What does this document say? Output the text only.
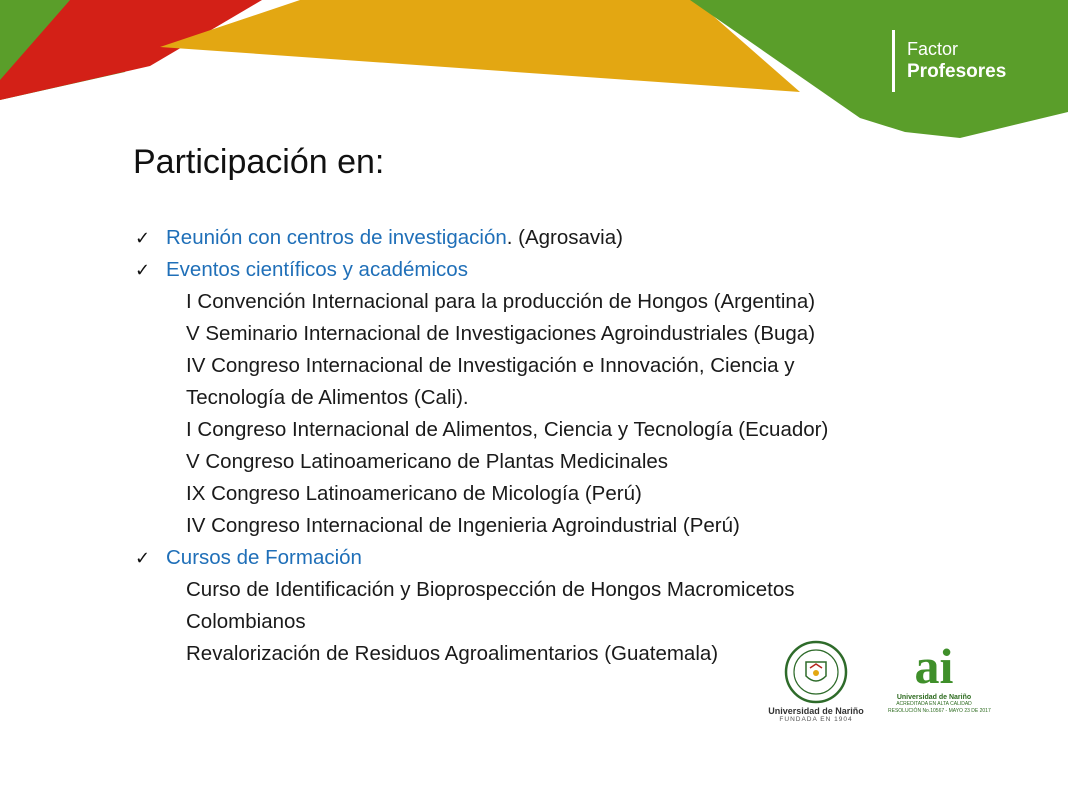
Factor
Profesores
Participación en:
✓ Reunión con centros de investigación. (Agrosavia)
✓ Eventos científicos y académicos
I Convención Internacional para la producción de Hongos (Argentina)
V Seminario Internacional de Investigaciones Agroindustriales (Buga)
IV Congreso Internacional de Investigación e Innovación, Ciencia y
Tecnología de Alimentos (Cali).
I Congreso Internacional de Alimentos, Ciencia y Tecnología (Ecuador)
V Congreso Latinoamericano de Plantas Medicinales
IX Congreso Latinoamericano de Micología (Perú)
IV Congreso Internacional de Ingenieria Agroindustrial (Perú)
✓ Cursos de Formación
Curso de Identificación y Bioprospección de Hongos Macromicetos
Colombianos
Revalorización de Residuos Agroalimentarios (Guatemala)
Universidad de Nariño
FUNDADA EN 1904
ai
Universidad de Nariño
ACREDITADA EN ALTA CALIDAD
RESOLUCIÓN No.10567 - MAYO 23 DE 2017
